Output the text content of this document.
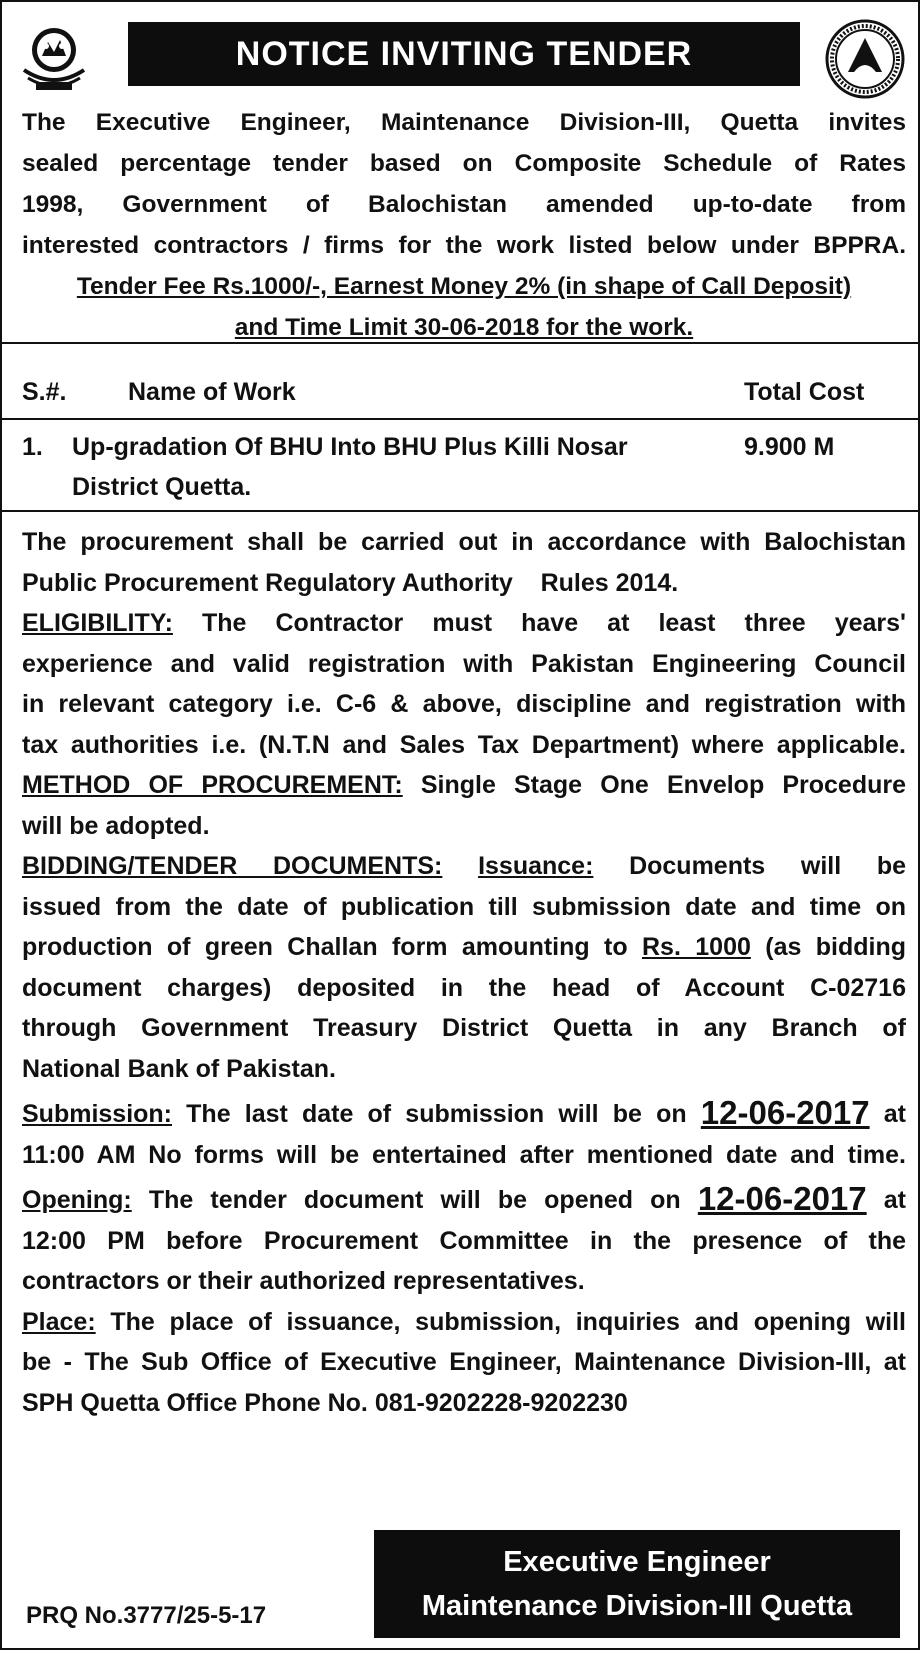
NOTICE INVITING TENDER
The Executive Engineer, Maintenance Division-III, Quetta invites
sealed percentage tender based on Composite Schedule of Rates
1998, Government of Balochistan amended up-to-date from
interested contractors / firms for the work listed below under BPPRA.
Tender Fee Rs.1000/-, Earnest Money 2% (in shape of Call Deposit)
and Time Limit 30-06-2018 for the work.
S.#. Name of Work	Total Cost
1. Up-gradation Of BHU Into BHU Plus Killi Nosar
District Quetta.
9.900 M
The procurement shall be carried out in accordance with Balochistan
Public Procurement Regulatory Authority    Rules 2014.
ELIGIBILITY: The Contractor must have at least three years'
experience and valid registration with Pakistan Engineering Council
in relevant category i.e. C-6 & above, discipline and registration with
tax authorities i.e. (N.T.N and Sales Tax Department) where applicable.
METHOD OF PROCUREMENT: Single Stage One Envelop Procedure
will be adopted.
BIDDING/TENDER DOCUMENTS: Issuance: Documents will be
issued from the date of publication till submission date and time on
production of green Challan form amounting to Rs. 1000 (as bidding
document charges) deposited in the head of Account C-02716
through Government Treasury District Quetta in any Branch of
National Bank of Pakistan.
Submission: The last date of submission will be on 12-06-2017 at
11:00 AM No forms will be entertained after mentioned date and time.
Opening: The tender document will be opened on 12-06-2017 at
12:00 PM before Procurement Committee in the presence of the
contractors or their authorized representatives.
Place: The place of issuance, submission, inquiries and opening will
be - The Sub Office of Executive Engineer, Maintenance Division-III, at
SPH Quetta Office Phone No. 081-9202228-9202230
Executive Engineer
Maintenance Division-III Quetta
PRQ No.3777/25-5-17
